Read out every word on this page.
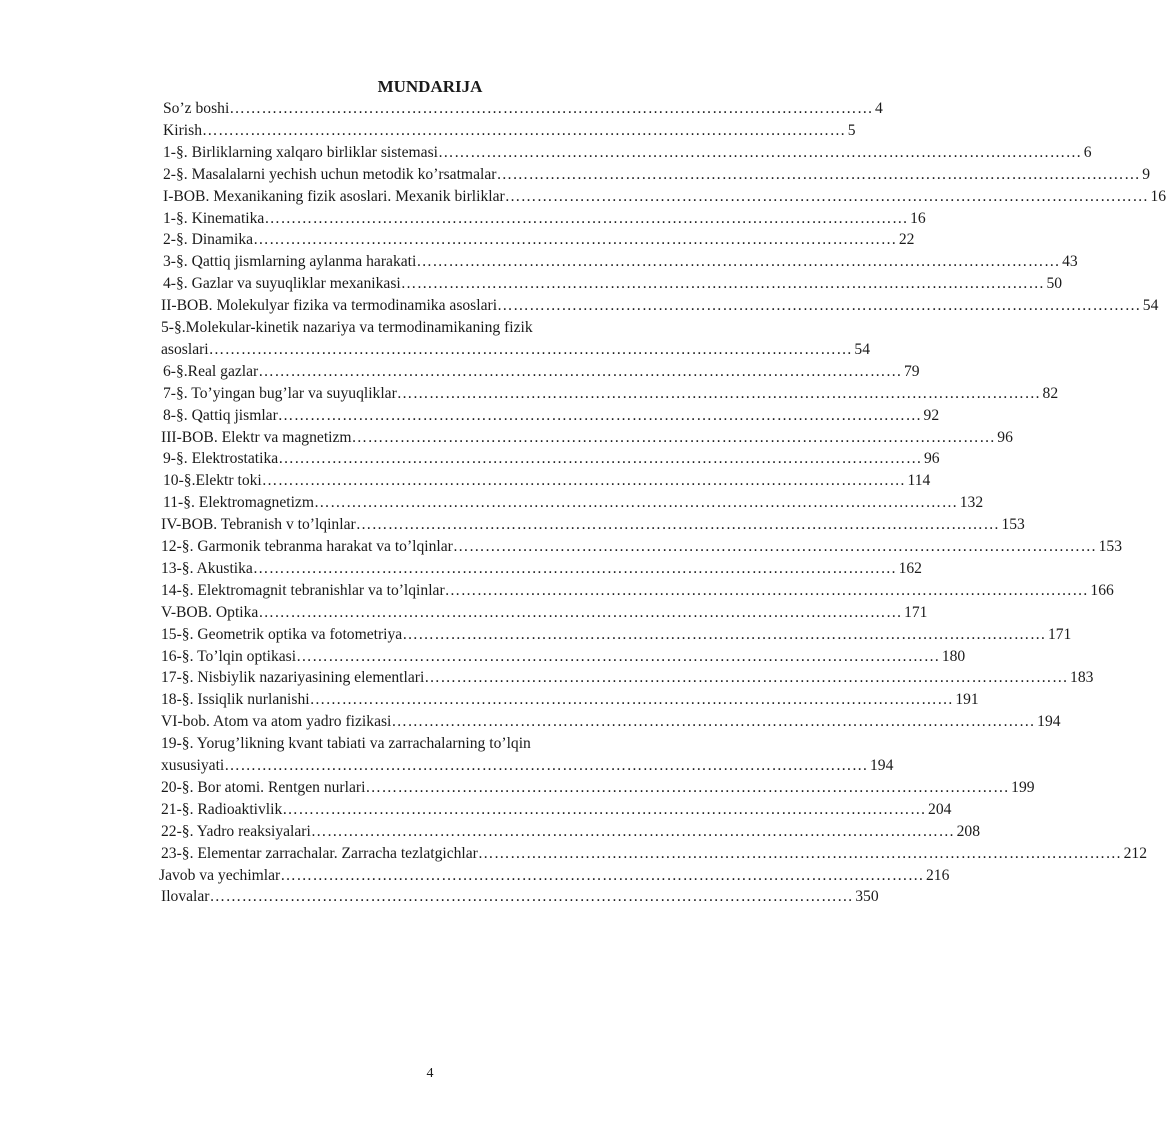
MUNDARIJA
So’z boshi ………………………………………………………………………………………………………… 4
Kirish ………………………………………………………………………………………………………… 5
1-§. Birliklarning xalqaro birliklar sistemasi ………………………………………………………………………………………………………… 6
2-§. Masalalarni yechish uchun metodik ko’rsatmalar ………………………………………………………………………………………………………… 9
I-BOB. Mexanikaning fizik asoslari. Mexanik birliklar ………………………………………………………………………………………………………… 16
1-§. Kinematika ………………………………………………………………………………………………………… 16
2-§. Dinamika ………………………………………………………………………………………………………… 22
3-§. Qattiq jismlarning aylanma harakati ………………………………………………………………………………………………………… 43
4-§. Gazlar va suyuqliklar mexanikasi ………………………………………………………………………………………………………… 50
II-BOB. Molekulyar fizika va termodinamika asoslari ………………………………………………………………………………………………………… 54
5-§.Molekular-kinetik nazariya va termodinamikaning fizik
asoslari ………………………………………………………………………………………………………… 54
6-§.Real gazlar ………………………………………………………………………………………………………… 79
7-§. To’yingan bug’lar va suyuqliklar ………………………………………………………………………………………………………… 82
8-§. Qattiq jismlar ………………………………………………………………………………………………………… 92
III-BOB. Elektr va magnetizm ………………………………………………………………………………………………………… 96
9-§. Elektrostatika ………………………………………………………………………………………………………… 96
10-§.Elektr toki ………………………………………………………………………………………………………… 114
11-§. Elektromagnetizm ………………………………………………………………………………………………………… 132
IV-BOB. Tebranish v to’lqinlar ………………………………………………………………………………………………………… 153
12-§. Garmonik tebranma harakat va to’lqinlar ………………………………………………………………………………………………………… 153
13-§. Akustika ………………………………………………………………………………………………………… 162
14-§. Elektromagnit tebranishlar va to’lqinlar ………………………………………………………………………………………………………… 166
V-BOB. Optika ………………………………………………………………………………………………………… 171
15-§. Geometrik optika va fotometriya ………………………………………………………………………………………………………… 171
16-§. To’lqin optikasi ………………………………………………………………………………………………………… 180
17-§. Nisbiylik nazariyasining elementlari ………………………………………………………………………………………………………… 183
18-§. Issiqlik nurlanishi ………………………………………………………………………………………………………… 191
VI-bob. Atom va atom yadro fizikasi ………………………………………………………………………………………………………… 194
19-§. Yorug’likning kvant tabiati va zarrachalarning to’lqin
xususiyati ………………………………………………………………………………………………………… 194
20-§. Bor atomi. Rentgen nurlari ………………………………………………………………………………………………………… 199
21-§. Radioaktivlik ………………………………………………………………………………………………………… 204
22-§. Yadro reaksiyalari ………………………………………………………………………………………………………… 208
23-§. Elementar zarrachalar. Zarracha tezlatgichlar ………………………………………………………………………………………………………… 212
Javob va yechimlar ………………………………………………………………………………………………………… 216
Ilovalar ………………………………………………………………………………………………………… 350
4
